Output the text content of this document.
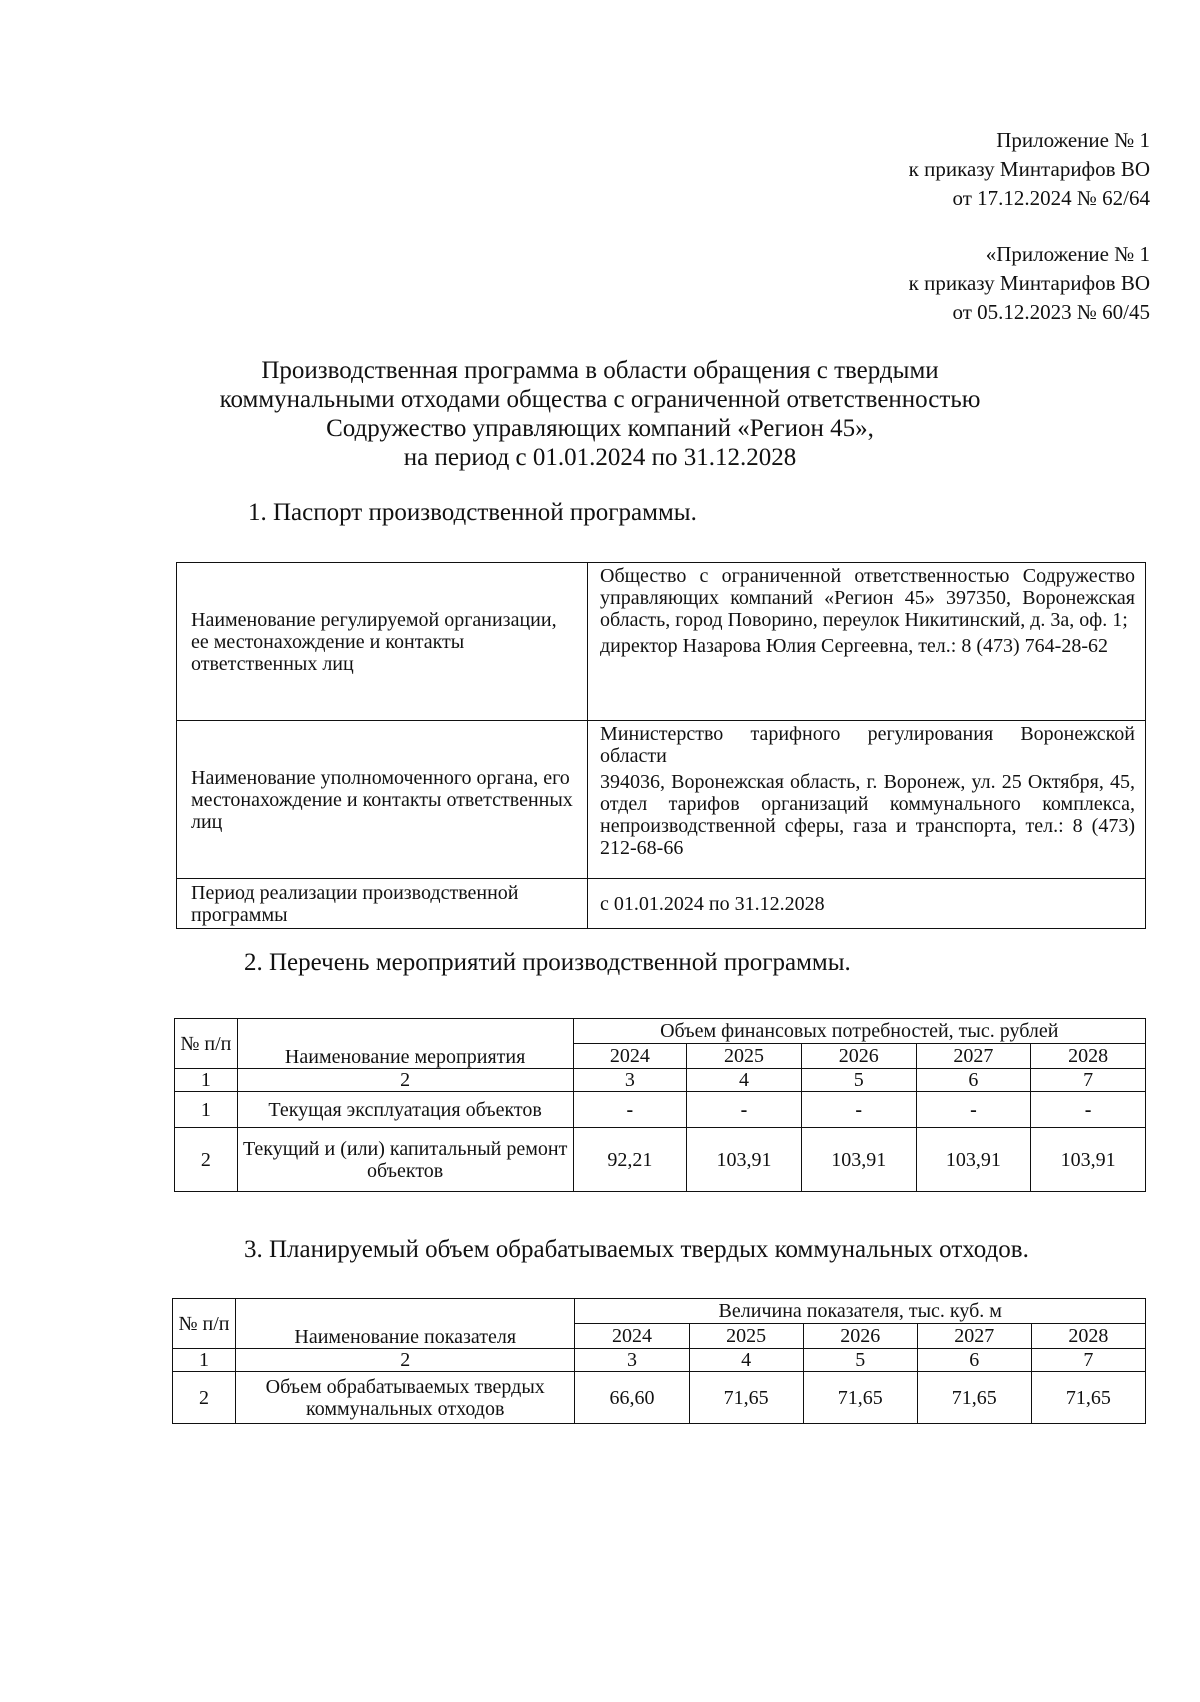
Приложение № 1
к приказу Минтарифов ВО
от 17.12.2024 № 62/64
«Приложение № 1
к приказу Минтарифов ВО
от 05.12.2023 № 60/45
Производственная программа в области обращения с твердыми
коммунальными отходами общества с ограниченной ответственностью
Содружество управляющих компаний «Регион 45»,
на период с 01.01.2024 по 31.12.2028
1. Паспорт производственной программы.
Наименование регулируемой организации, ее местонахождение и контакты ответственных лиц	Общество с ограниченной ответственностью Содружество управляющих компаний «Регион 45» 397350, Воронежская область, город Поворино, переулок Никитинский, д. 3а, оф. 1;

директор Назарова Юлия Сергеевна, тел.: 8 (473) 764-28-62

Наименование уполномоченного органа, его местонахождение и контакты ответственных лиц	Министерство тарифного регулирования Воронежской области

394036, Воронежская область, г. Воронеж, ул. 25 Октября, 45, отдел тарифов организаций коммунального комплекса, непроизводственной сферы, газа и транспорта, тел.: 8 (473) 212-68-66

Период реализации производственной программы	с 01.01.2024 по 31.12.2028

2. Перечень мероприятий производственной программы.
№ п/п	Наименование мероприятия	Объем финансовых потребностей, тыс. рублей				
		2024	2025	2026	2027	2028
1	2	3	4	5	6	7
1	Текущая эксплуатация объектов	-	-	-	-	-
2	Текущий и (или) капитальный ремонт объектов	92,21	103,91	103,91	103,91	103,91
3. Планируемый объем обрабатываемых твердых коммунальных отходов.
№ п/п	Наименование показателя	Величина показателя, тыс. куб. м				
		2024	2025	2026	2027	2028
1	2	3	4	5	6	7
2	Объем обрабатываемых твердых коммунальных отходов	66,60	71,65	71,65	71,65	71,65
